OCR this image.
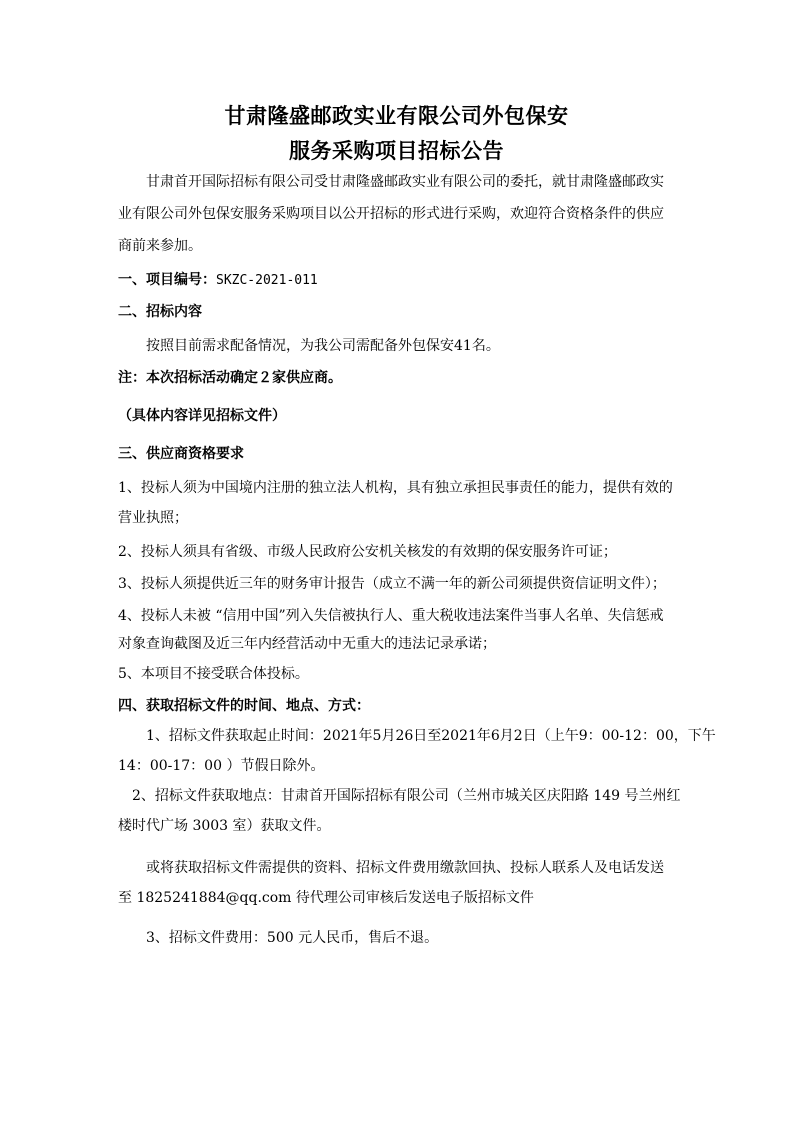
甘肃隆盛邮政实业有限公司外包保安
服务采购项目招标公告
甘肃首开国际招标有限公司受甘肃隆盛邮政实业有限公司的委托，就甘肃隆盛邮政实
业有限公司外包保安服务采购项目以公开招标的形式进行采购，欢迎符合资格条件的供应
商前来参加。
一、项目编号：SKZC-2021-011
二、招标内容
按照目前需求配备情况，为我公司需配备外包保安41名。
注：本次招标活动确定２家供应商。
（具体内容详见招标文件）
三、供应商资格要求
1、投标人须为中国境内注册的独立法人机构，具有独立承担民事责任的能力，提供有效的
营业执照；
2、投标人须具有省级、市级人民政府公安机关核发的有效期的保安服务许可证；
3、投标人须提供近三年的财务审计报告（成立不满一年的新公司须提供资信证明文件）；
4、投标人未被 “信用中国”列入失信被执行人、重大税收违法案件当事人名单、失信惩戒
对象查询截图及近三年内经营活动中无重大的违法记录承诺；
5、本项目不接受联合体投标。
四、获取招标文件的时间、地点、方式：
1、招标文件获取起止时间：2021年5月26日至2021年6月2日（上午9：00-12：00，下午
14：00-17：00 ）节假日除外。
2、招标文件获取地点：甘肃首开国际招标有限公司（兰州市城关区庆阳路 149 号兰州红
楼时代广场 3003 室）获取文件。
或将获取招标文件需提供的资料、招标文件费用缴款回执、投标人联系人及电话发送
至 1825241884@qq.com 待代理公司审核后发送电子版招标文件
3、招标文件费用：500 元人民币，售后不退。
